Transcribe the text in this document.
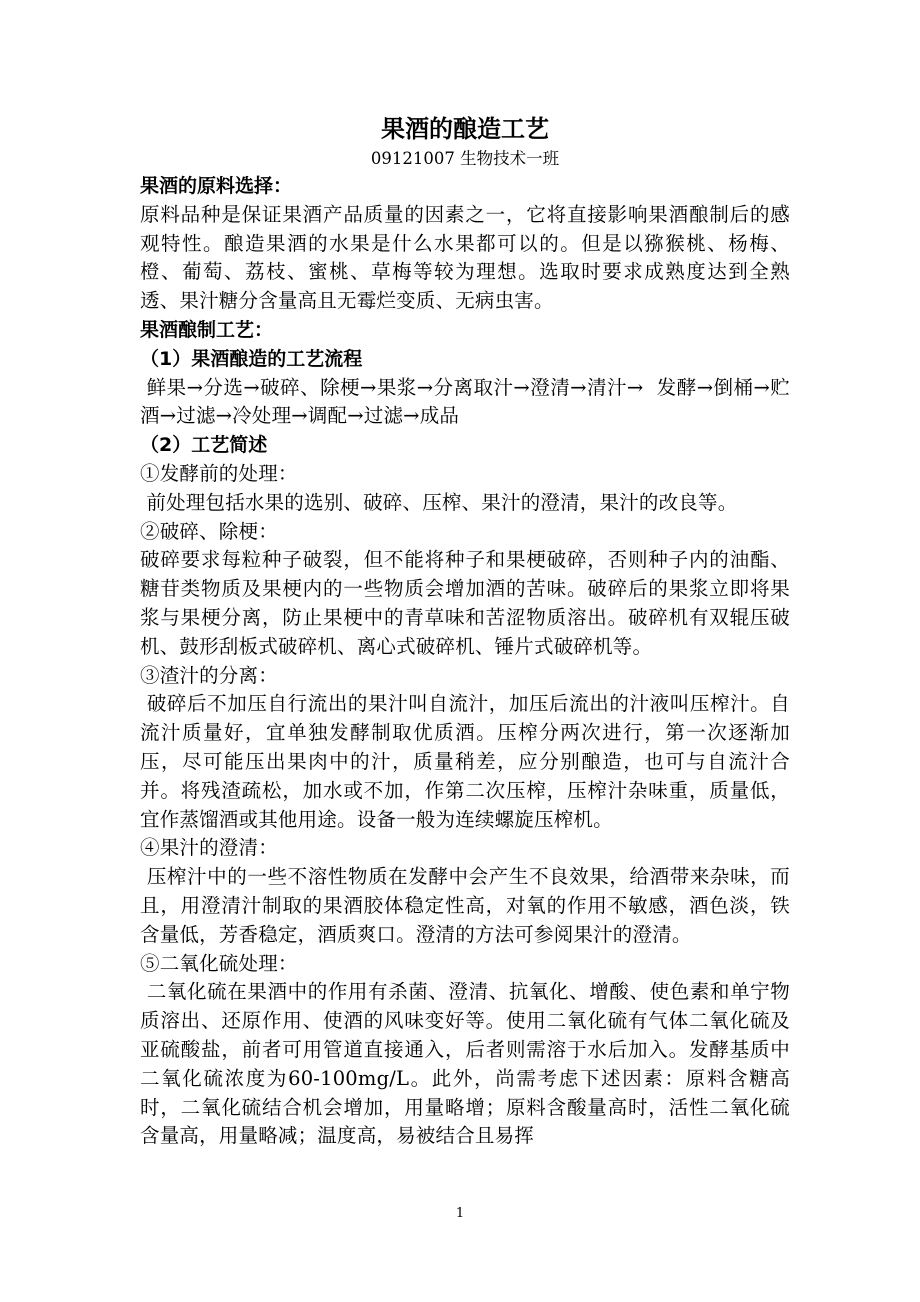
果酒的酿造工艺
09121007 生物技术一班
果酒的原料选择：
原料品种是保证果酒产品质量的因素之一，它将直接影响果酒酿制后的感观特性。酿造果酒的水果是什么水果都可以的。但是以猕猴桃、杨梅、橙、葡萄、荔枝、蜜桃、草梅等较为理想。选取时要求成熟度达到全熟透、果汁糖分含量高且无霉烂变质、无病虫害。
果酒酿制工艺：
（1）果酒酿造的工艺流程
鲜果→分选→破碎、除梗→果浆→分离取汁→澄清→清汁→  发酵→倒桶→贮酒→过滤→冷处理→调配→过滤→成品
（2）工艺简述
①发酵前的处理：
前处理包括水果的选别、破碎、压榨、果汁的澄清，果汁的改良等。
②破碎、除梗：
破碎要求每粒种子破裂，但不能将种子和果梗破碎，否则种子内的油酯、糖苷类物质及果梗内的一些物质会增加酒的苦味。破碎后的果浆立即将果浆与果梗分离，防止果梗中的青草味和苦涩物质溶出。破碎机有双辊压破机、鼓形刮板式破碎机、离心式破碎机、锤片式破碎机等。
③渣汁的分离：
破碎后不加压自行流出的果汁叫自流汁，加压后流出的汁液叫压榨汁。自流汁质量好，宜单独发酵制取优质酒。压榨分两次进行，第一次逐渐加压，尽可能压出果肉中的汁，质量稍差，应分别酿造，也可与自流汁合并。将残渣疏松，加水或不加，作第二次压榨，压榨汁杂味重，质量低，宜作蒸馏酒或其他用途。设备一般为连续螺旋压榨机。
④果汁的澄清：
压榨汁中的一些不溶性物质在发酵中会产生不良效果，给酒带来杂味，而且，用澄清汁制取的果酒胶体稳定性高，对氧的作用不敏感，酒色淡，铁含量低，芳香稳定，酒质爽口。澄清的方法可参阅果汁的澄清。
⑤二氧化硫处理：
二氧化硫在果酒中的作用有杀菌、澄清、抗氧化、增酸、使色素和单宁物质溶出、还原作用、使酒的风味变好等。使用二氧化硫有气体二氧化硫及亚硫酸盐，前者可用管道直接通入，后者则需溶于水后加入。发酵基质中二氧化硫浓度为60-100mg/L。此外，尚需考虑下述因素：原料含糖高时，二氧化硫结合机会增加，用量略增；原料含酸量高时，活性二氧化硫含量高，用量略减；温度高，易被结合且易挥
1
